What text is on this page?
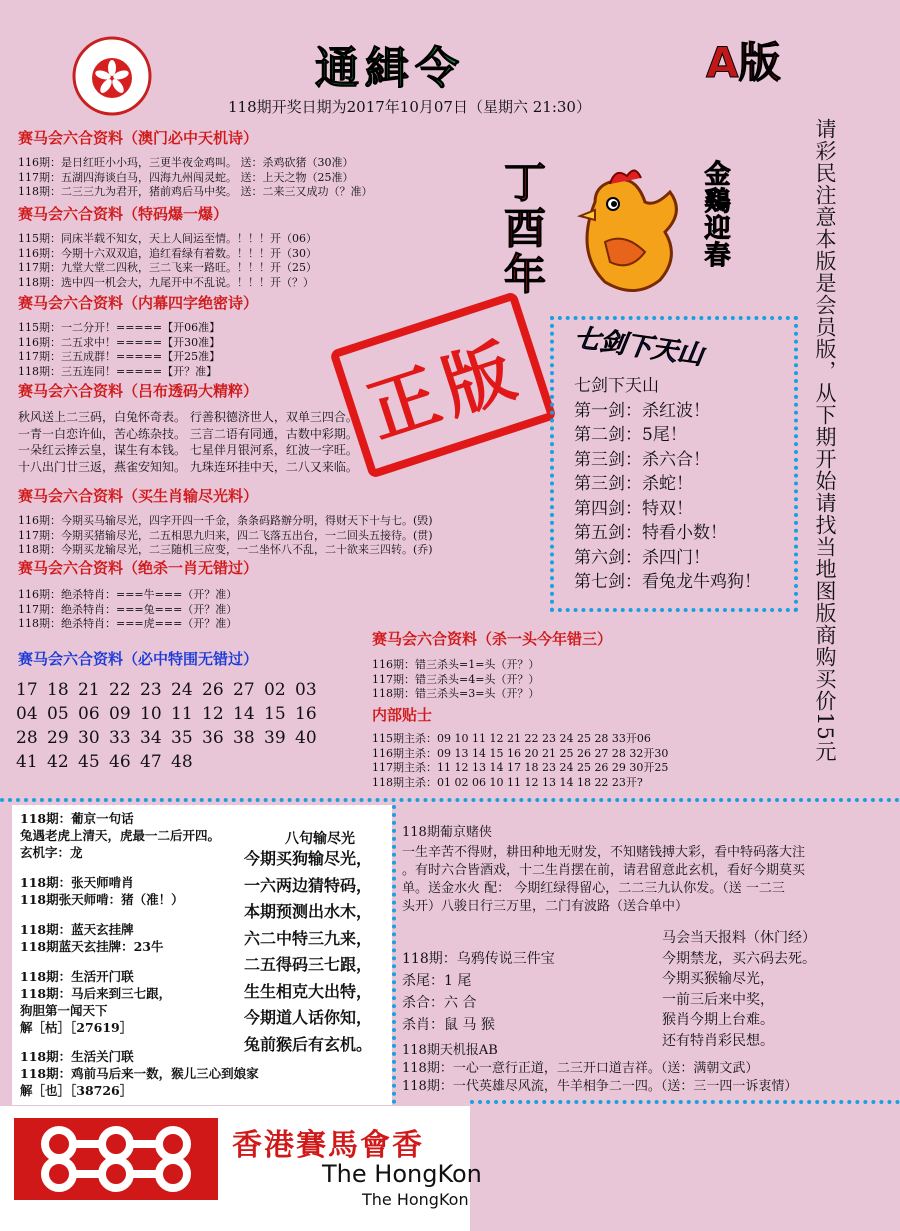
通緝令	A版
118期开奖日期为2017年10月07日（星期六 21:30）
赛马会六合资料（澳门必中天机诗）
116期：是日红旺小小玛，三更半夜金鸡叫。 送：杀鸡砍猪（30准）
117期：五湖四海谈白马，四海九州闯灵蛇。 送：上天之物（25准）
118期：二三三九为君开，猪前鸡后马中奖。 送：二来三又成功（？准）
赛马会六合资料（特码爆一爆）
115期：同床半载不知女，天上人间运至情。！！！开（06）
116期：今期十六双双追，追红看绿有着数。！！！开（30）
117期：九堂大堂二四秋，三二飞来一路旺。！！！开（25）
118期：选中四一机会大，九尾开中不乱说。！！！开（？）
赛马会六合资料（内幕四字绝密诗）
115期：一二分开！=====【开06准】
116期：二五求中！=====【开30准】
117期：三五成群！=====【开25准】
118期：三五连同！=====【开？准】
赛马会六合资料（吕布透码大精粹）
秋风送上二三码，白兔怀奇表。 行善积德济世人，双单三四合。
一青一白恋许仙，苦心练杂技。 三言二语有同通，古数中彩期。
一朵红云捧云皇，谋生有本钱。 七星伴月银河系，红波一字旺。
十八出门廿三返，燕雀安知知。 九珠连环挂中天，二八又来临。
正版
赛马会六合资料（买生肖输尽光料）
116期：今期买马输尽光，四字开四一千金，条条码路辦分明，得财天下十与七。(毁)
117期：今期买猪输尽光，二五相思九归来，四二飞落五出台，一二回头五接待。(贯)
118期：今期买龙输尽光，二三随机三应变，一二坐怀八不乱，二十欲来三四转。(乔)
赛马会六合资料（绝杀一肖无错过）
116期：绝杀特肖：===牛===（开？准）
117期：绝杀特肖：===兔===（开？准）
118期：绝杀特肖：===虎===（开？准）
赛马会六合资料（必中特围无错过）
17 18 21 22 23 24 26 27 02 03
04 05 06 09 10 11 12 14 15 16
28 29 30 33 34 35 36 38 39 40
41 42 45 46 47 48
丁酉年	金鷄迎春
七剑下天山
七剑下天山
第一剑：杀红波！
第二剑：5尾！
第三剑：杀六合！
第三剑：杀蛇！
第四剑：特双！
第五剑：特看小数！
第六剑：杀四门！
第七剑：看兔龙牛鸡狗！ 请彩民注意本版是会员版，从下期开始请找当地图版商购买价15元
赛马会六合资料（杀一头今年错三）
116期：错三杀头=1=头（开？）
117期：错三杀头=4=头（开？）
118期：错三杀头=3=头（开？）
内部贴士
115期主杀：09 10 11 12 21 22 23 24 25 28 33开06
116期主杀：09 13 14 15 16 20 21 25 26 27 28 32开30
117期主杀：11 12 13 14 17 18 23 24 25 26 29 30开25
118期主杀：01 02 06 10 11 12 13 14 18 22 23开?
118期：葡京一句话
兔遇老虎上清天，虎最一二后开四。
玄机字：龙
八句输尽光
118期：张天师啃肖
118期张天师啃：猪（准！）
118期：蓝天玄挂牌
118期蓝天玄挂牌：23牛
118期：生活开门联
118期：马后来到三七跟，
狗胆第一闻天下
解［枯］［27619］
今期买狗输尽光，
一六两边猜特码，
本期预测出水木，
六二中特三九来，
二五得码三七跟，
生生相克大出特，
今期道人话你知，
兔前猴后有玄机。
118期：生活关门联
118期：鸡前马后来一数，猴儿三心到娘家
解［也］［38726］
118期葡京赌侠
一生辛苦不得财，耕田种地无财发，不知赌钱搏大彩，看中特码落大注
。有时六合皆酒戏，十二生肖摆在前，请君留意此玄机，看好今期莫买
单。送金水火 配： 今期红绿得留心，二二三九认你发。（送 一二三
头开）八骏日行三万里，二门有波路（送合单中）
118期：乌鸦传说三件宝
杀尾：1 尾
杀合：六 合
杀肖：鼠 马 猴
马会当天报料（休门经）
今期禁龙，买六码去死。
今期买猴输尽光，
一前三后来中奖，
猴肖今期上台难。
还有特肖彩民想。
118期天机报AB
118期：一心一意行正道，二三开口道吉祥。（送：满朝文武）
118期：一代英雄尽风流，牛羊相争二一四。（送：三一四一诉衷情）
香港賽馬會香
The HongKon
The HongKon
